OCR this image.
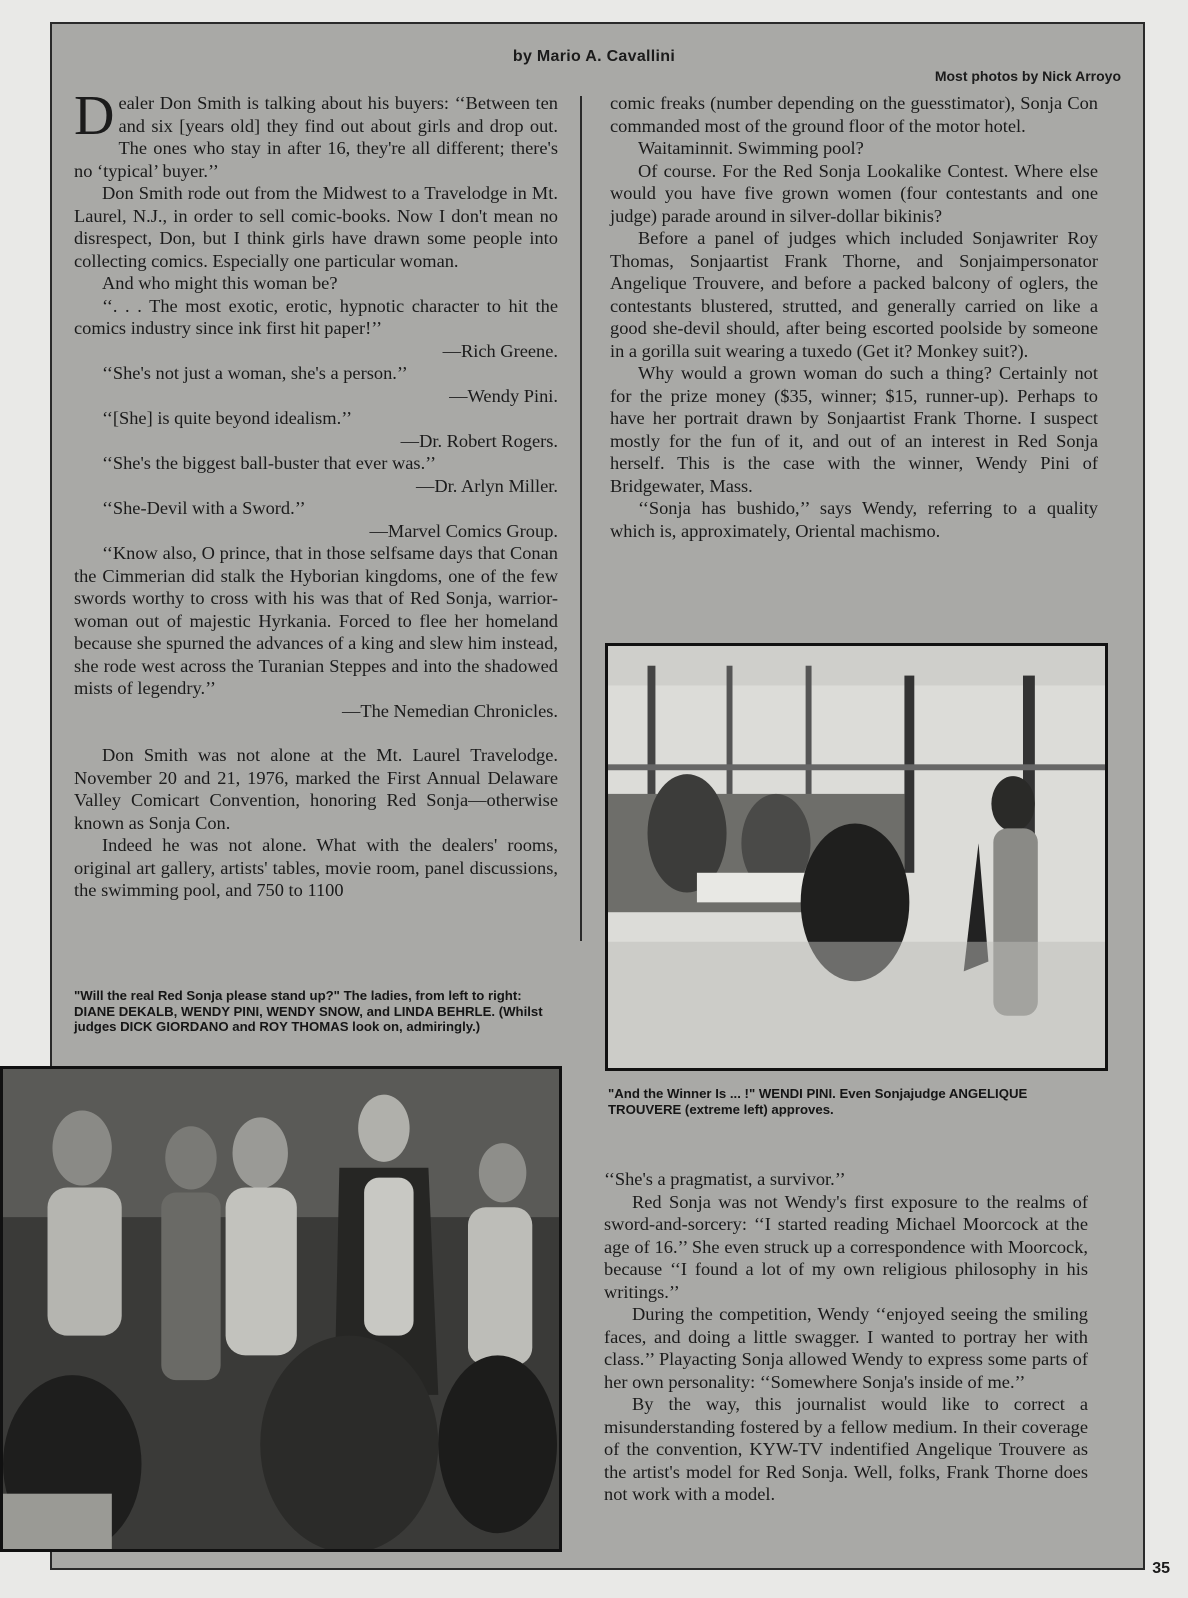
by Mario A. Cavallini
Most photos by Nick Arroyo

Dealer Don Smith is talking about his buyers: ‘‘Between ten and six [years old] they find out about girls and drop out. The ones who stay in after 16, they're all different; there's no ‘typical’ buyer.’’

Don Smith rode out from the Midwest to a Travelodge in Mt. Laurel, N.J., in order to sell comic-books. Now I don't mean no disrespect, Don, but I think girls have drawn some people into collecting comics. Especially one particular woman.

And who might this woman be?

‘‘. . . The most exotic, erotic, hypnotic character to hit the comics industry since ink first hit paper!’’

—Rich Greene.

‘‘She's not just a woman, she's a person.’’

—Wendy Pini.

‘‘[She] is quite beyond idealism.’’

—Dr. Robert Rogers.

‘‘She's the biggest ball-buster that ever was.’’

—Dr. Arlyn Miller.

‘‘She-Devil with a Sword.’’

—Marvel Comics Group.

‘‘Know also, O prince, that in those selfsame days that Conan the Cimmerian did stalk the Hyborian kingdoms, one of the few swords worthy to cross with his was that of Red Sonja, warrior-woman out of majestic Hyrkania. Forced to flee her homeland because she spurned the advances of a king and slew him instead, she rode west across the Turanian Steppes and into the shadowed mists of legendry.’’

—The Nemedian Chronicles.

Don Smith was not alone at the Mt. Laurel Travelodge. November 20 and 21, 1976, marked the First Annual Delaware Valley Comicart Convention, honoring Red Sonja—otherwise known as Sonja Con.

Indeed he was not alone. What with the dealers' rooms, original art gallery, artists' tables, movie room, panel discussions, the swimming pool, and 750 to 1100

comic freaks (number depending on the guesstimator), Sonja Con commanded most of the ground floor of the motor hotel.

Waitaminnit. Swimming pool?

Of course. For the Red Sonja Lookalike Contest. Where else would you have five grown women (four contestants and one judge) parade around in silver-dollar bikinis?

Before a panel of judges which included Sonjawriter Roy Thomas, Sonjaartist Frank Thorne, and Sonjaimpersonator Angelique Trouvere, and before a packed balcony of oglers, the contestants blustered, strutted, and generally carried on like a good she-devil should, after being escorted poolside by someone in a gorilla suit wearing a tuxedo (Get it? Monkey suit?).

Why would a grown woman do such a thing? Certainly not for the prize money ($35, winner; $15, runner-up). Perhaps to have her portrait drawn by Sonjaartist Frank Thorne. I suspect mostly for the fun of it, and out of an interest in Red Sonja herself. This is the case with the winner, Wendy Pini of Bridgewater, Mass.

‘‘Sonja has bushido,’’ says Wendy, referring to a quality which is, approximately, Oriental machismo.

"Will the real Red Sonja please stand up?" The ladies, from left to right: DIANE DEKALB, WENDY PINI, WENDY SNOW, and LINDA BEHRLE. (Whilst judges DICK GIORDANO and ROY THOMAS look on, admiringly.)
"And the Winner Is ... !" WENDI PINI. Even Sonjajudge ANGELIQUE TROUVERE (extreme left) approves.

‘‘She's a pragmatist, a survivor.’’

Red Sonja was not Wendy's first exposure to the realms of sword-and-sorcery: ‘‘I started reading Michael Moorcock at the age of 16.’’ She even struck up a correspondence with Moorcock, because ‘‘I found a lot of my own religious philosophy in his writings.’’

During the competition, Wendy ‘‘enjoyed seeing the smiling faces, and doing a little swagger. I wanted to portray her with class.’’ Playacting Sonja allowed Wendy to express some parts of her own personality: ‘‘Somewhere Sonja's inside of me.’’

By the way, this journalist would like to correct a misunderstanding fostered by a fellow medium. In their coverage of the convention, KYW-TV indentified Angelique Trouvere as the artist's model for Red Sonja. Well, folks, Frank Thorne does not work with a model.

35
